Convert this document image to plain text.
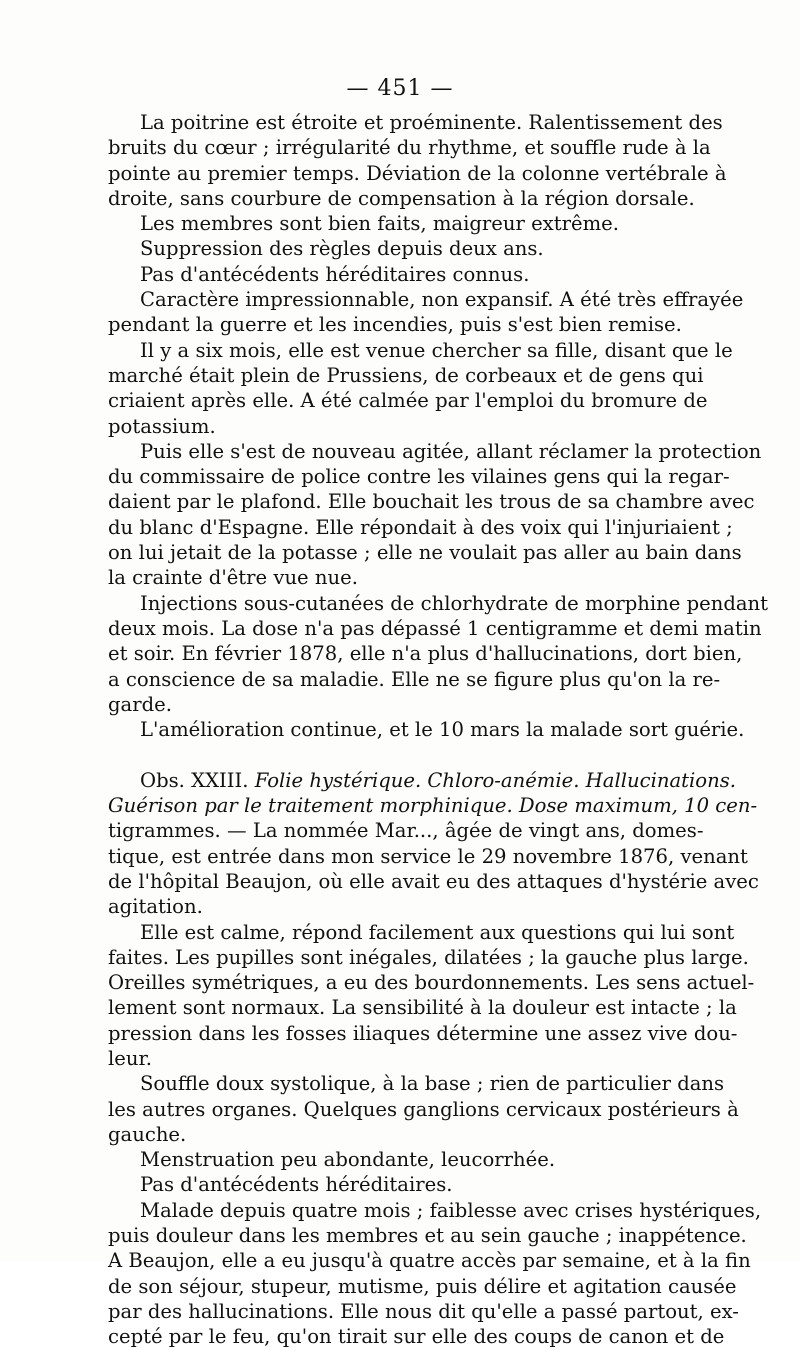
— 451 —
La poitrine est étroite et proéminente. Ralentissement des
bruits du cœur ; irrégularité du rhythme, et souffle rude à la
pointe au premier temps. Déviation de la colonne vertébrale à
droite, sans courbure de compensation à la région dorsale.
Les membres sont bien faits, maigreur extrême.
Suppression des règles depuis deux ans.
Pas d'antécédents héréditaires connus.
Caractère impressionnable, non expansif. A été très effrayée
pendant la guerre et les incendies, puis s'est bien remise.
Il y a six mois, elle est venue chercher sa fille, disant que le
marché était plein de Prussiens, de corbeaux et de gens qui
criaient après elle. A été calmée par l'emploi du bromure de
potassium.
Puis elle s'est de nouveau agitée, allant réclamer la protection
du commissaire de police contre les vilaines gens qui la regar-
daient par le plafond. Elle bouchait les trous de sa chambre avec
du blanc d'Espagne. Elle répondait à des voix qui l'injuriaient ;
on lui jetait de la potasse ; elle ne voulait pas aller au bain dans
la crainte d'être vue nue.
Injections sous-cutanées de chlorhydrate de morphine pendant
deux mois. La dose n'a pas dépassé 1 centigramme et demi matin
et soir. En février 1878, elle n'a plus d'hallucinations, dort bien,
a conscience de sa maladie. Elle ne se figure plus qu'on la re-
garde.
L'amélioration continue, et le 10 mars la malade sort guérie.
Obs. XXIII. Folie hystérique. Chloro-anémie. Hallucinations.
Guérison par le traitement morphinique. Dose maximum, 10 cen-
tigrammes. — La nommée Mar..., âgée de vingt ans, domes-
tique, est entrée dans mon service le 29 novembre 1876, venant
de l'hôpital Beaujon, où elle avait eu des attaques d'hystérie avec
agitation.
Elle est calme, répond facilement aux questions qui lui sont
faites. Les pupilles sont inégales, dilatées ; la gauche plus large.
Oreilles symétriques, a eu des bourdonnements. Les sens actuel-
lement sont normaux. La sensibilité à la douleur est intacte ; la
pression dans les fosses iliaques détermine une assez vive dou-
leur.
Souffle doux systolique, à la base ; rien de particulier dans
les autres organes. Quelques ganglions cervicaux postérieurs à
gauche.
Menstruation peu abondante, leucorrhée.
Pas d'antécédents héréditaires.
Malade depuis quatre mois ; faiblesse avec crises hystériques,
puis douleur dans les membres et au sein gauche ; inappétence.
A Beaujon, elle a eu jusqu'à quatre accès par semaine, et à la fin
de son séjour, stupeur, mutisme, puis délire et agitation causée
par des hallucinations. Elle nous dit qu'elle a passé partout, ex-
cepté par le feu, qu'on tirait sur elle des coups de canon et de
